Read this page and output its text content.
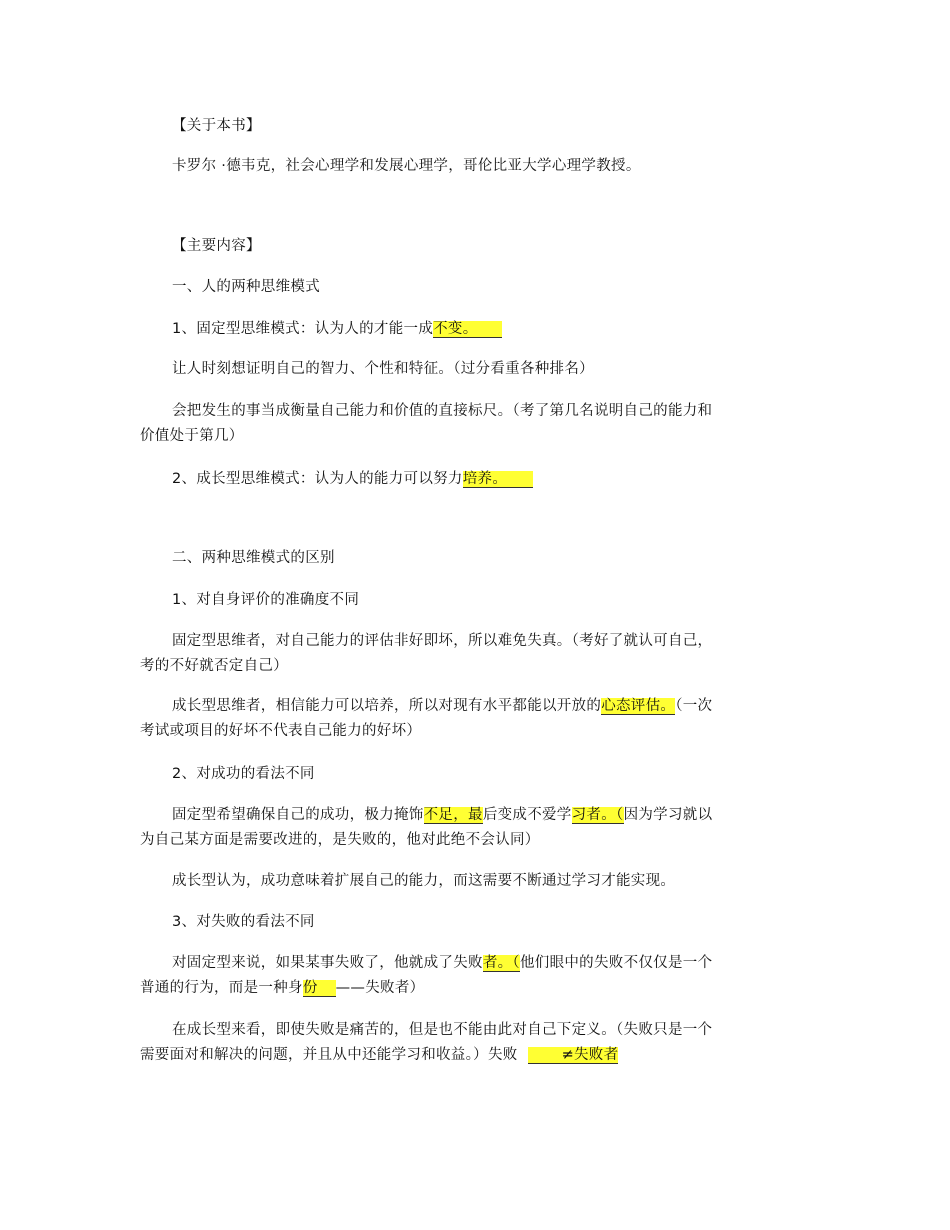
【关于本书】
卡罗尔 ·德韦克，社会心理学和发展心理学，哥伦比亚大学心理学教授。
【主要内容】
一、人的两种思维模式
1、固定型思维模式：认为人的才能一成不变。
让人时刻想证明自己的智力、个性和特征。（过分看重各种排名）
会把发生的事当成衡量自己能力和价值的直接标尺。（考了第几名说明自己的能力和
价值处于第几）
2、成长型思维模式：认为人的能力可以努力培养。
二、两种思维模式的区别
1、对自身评价的准确度不同
固定型思维者，对自己能力的评估非好即坏，所以难免失真。（考好了就认可自己，
考的不好就否定自己）
成长型思维者，相信能力可以培养，所以对现有水平都能以开放的心态评估。（一次
考试或项目的好坏不代表自己能力的好坏）
2、对成功的看法不同
固定型希望确保自己的成功，极力掩饰不足，最后变成不爱学习者。（因为学习就以
为自己某方面是需要改进的，是失败的，他对此绝不会认同）
成长型认为，成功意味着扩展自己的能力，而这需要不断通过学习才能实现。
3、对失败的看法不同
对固定型来说，如果某事失败了，他就成了失败者。（他们眼中的失败不仅仅是一个
普通的行为，而是一种身份 ——失败者）
在成长型来看，即使失败是痛苦的，但是也不能由此对自己下定义。（失败只是一个
需要面对和解决的问题，并且从中还能学习和收益。）失败	≠失败者
